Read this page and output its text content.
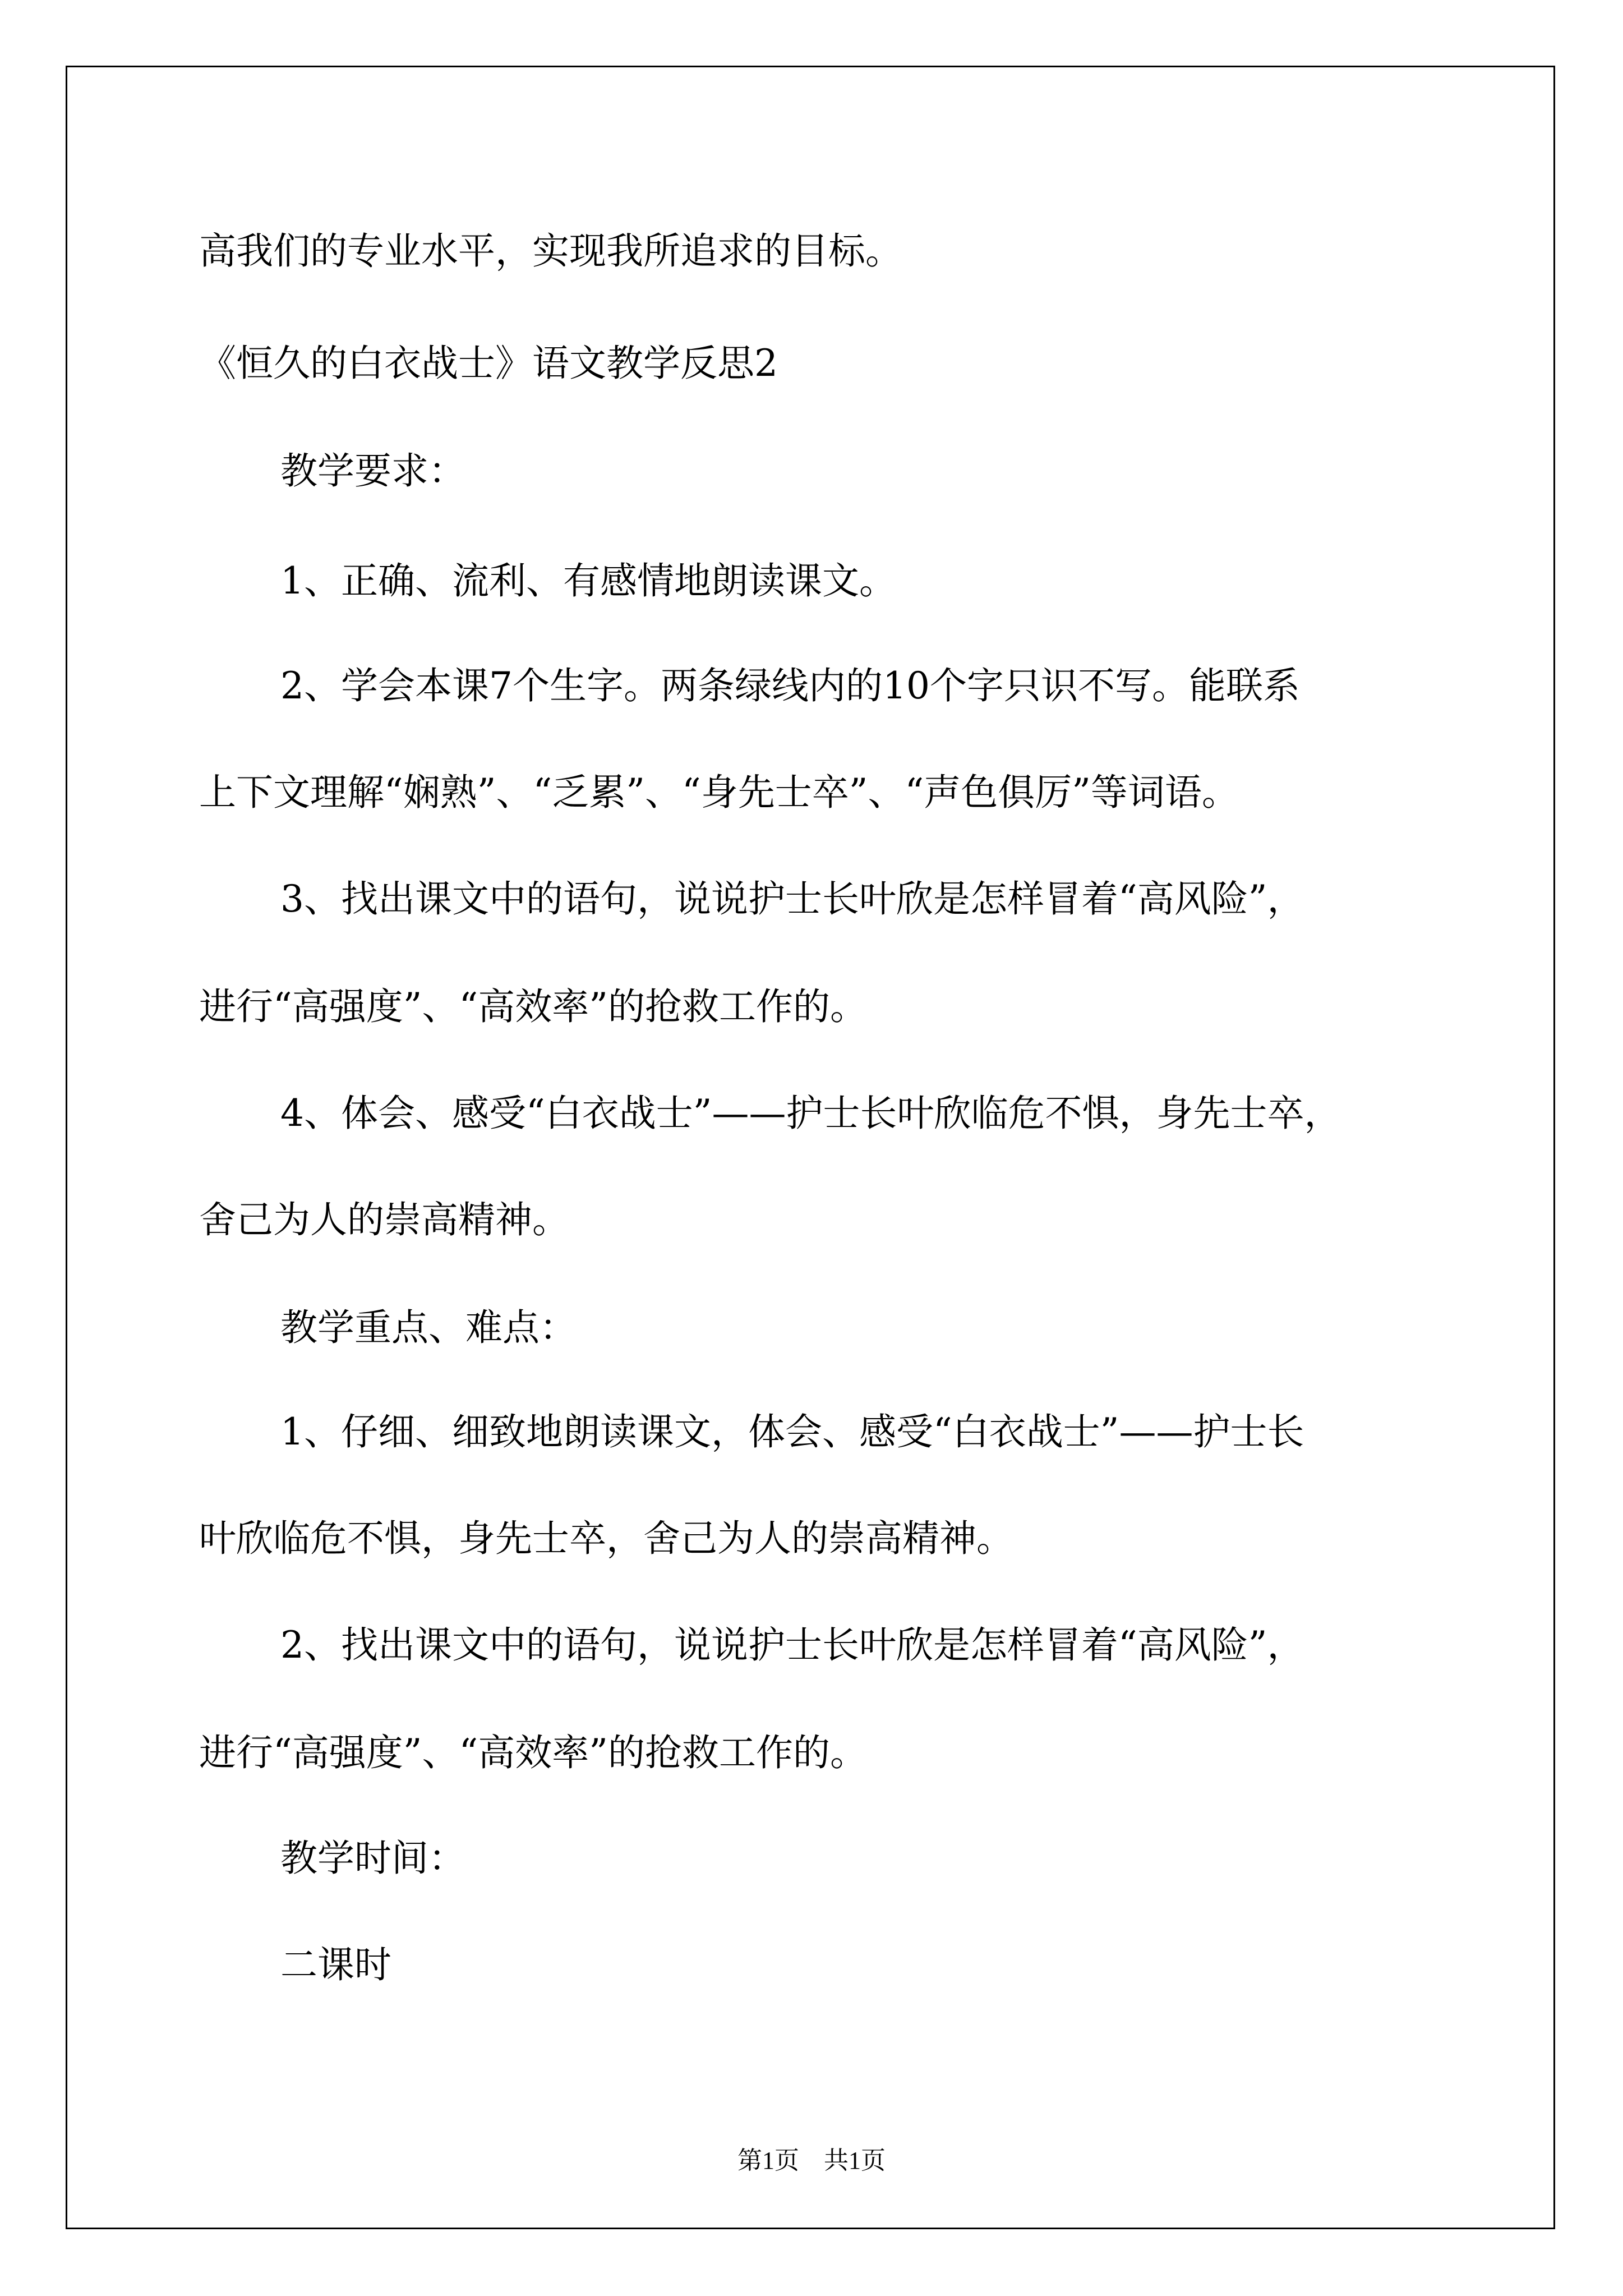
高我们的专业水平，实现我所追求的目标。

《恒久的白衣战士》语文教学反思2

教学要求：

1、正确、流利、有感情地朗读课文。

2、学会本课7个生字。两条绿线内的10个字只识不写。能联系

上下文理解“娴熟”、“乏累”、“身先士卒”、“声色俱厉”等词语。

3、找出课文中的语句，说说护士长叶欣是怎样冒着“高风险”，

进行“高强度”、“高效率”的抢救工作的。

4、体会、感受“白衣战士”——护士长叶欣临危不惧，身先士卒，

舍己为人的崇高精神。

教学重点、难点：

1、仔细、细致地朗读课文，体会、感受“白衣战士”——护士长

叶欣临危不惧，身先士卒，舍己为人的崇高精神。

2、找出课文中的语句，说说护士长叶欣是怎样冒着“高风险”，

进行“高强度”、“高效率”的抢救工作的。

教学时间：

二课时

第1页　共1页
